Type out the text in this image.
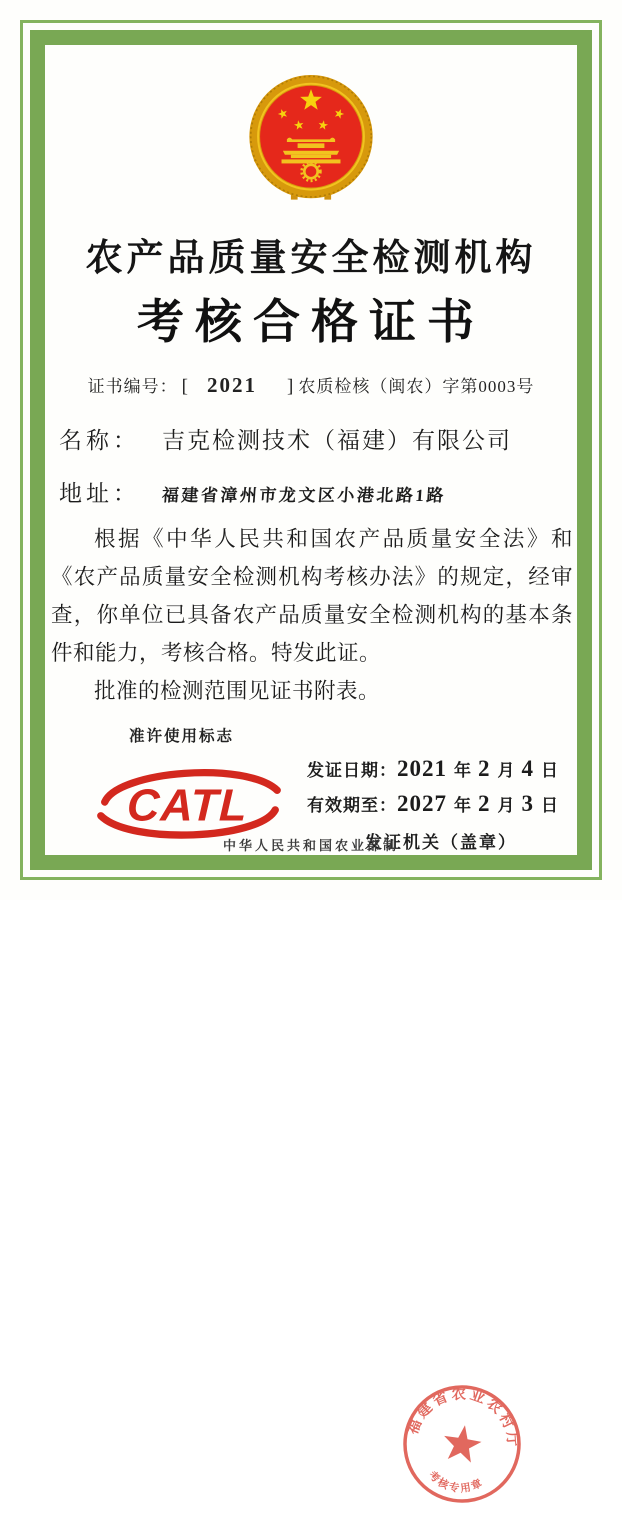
农产品质量安全检测机构
考核合格证书
证书编号： [ 2021 ] 农质检核（闽农）字第0003号
名称： 吉克检测技术（福建）有限公司
地址： 福建省漳州市龙文区小港北路1路

根据《中华人民共和国农产品质量安全法》和《农产品质量安全检测机构考核办法》的规定，经审查，你单位已具备农产品质量安全检测机构的基本条件和能力，考核合格。特发此证。

批准的检测范围见证书附表。

准许使用标志
CATL
发证日期： 2021 年 2 月 4 日
有效期至： 2027 年 2 月 3 日
发证机关（盖章）
福建省农业农村厅
考核专用章
中华人民共和国农业部制
